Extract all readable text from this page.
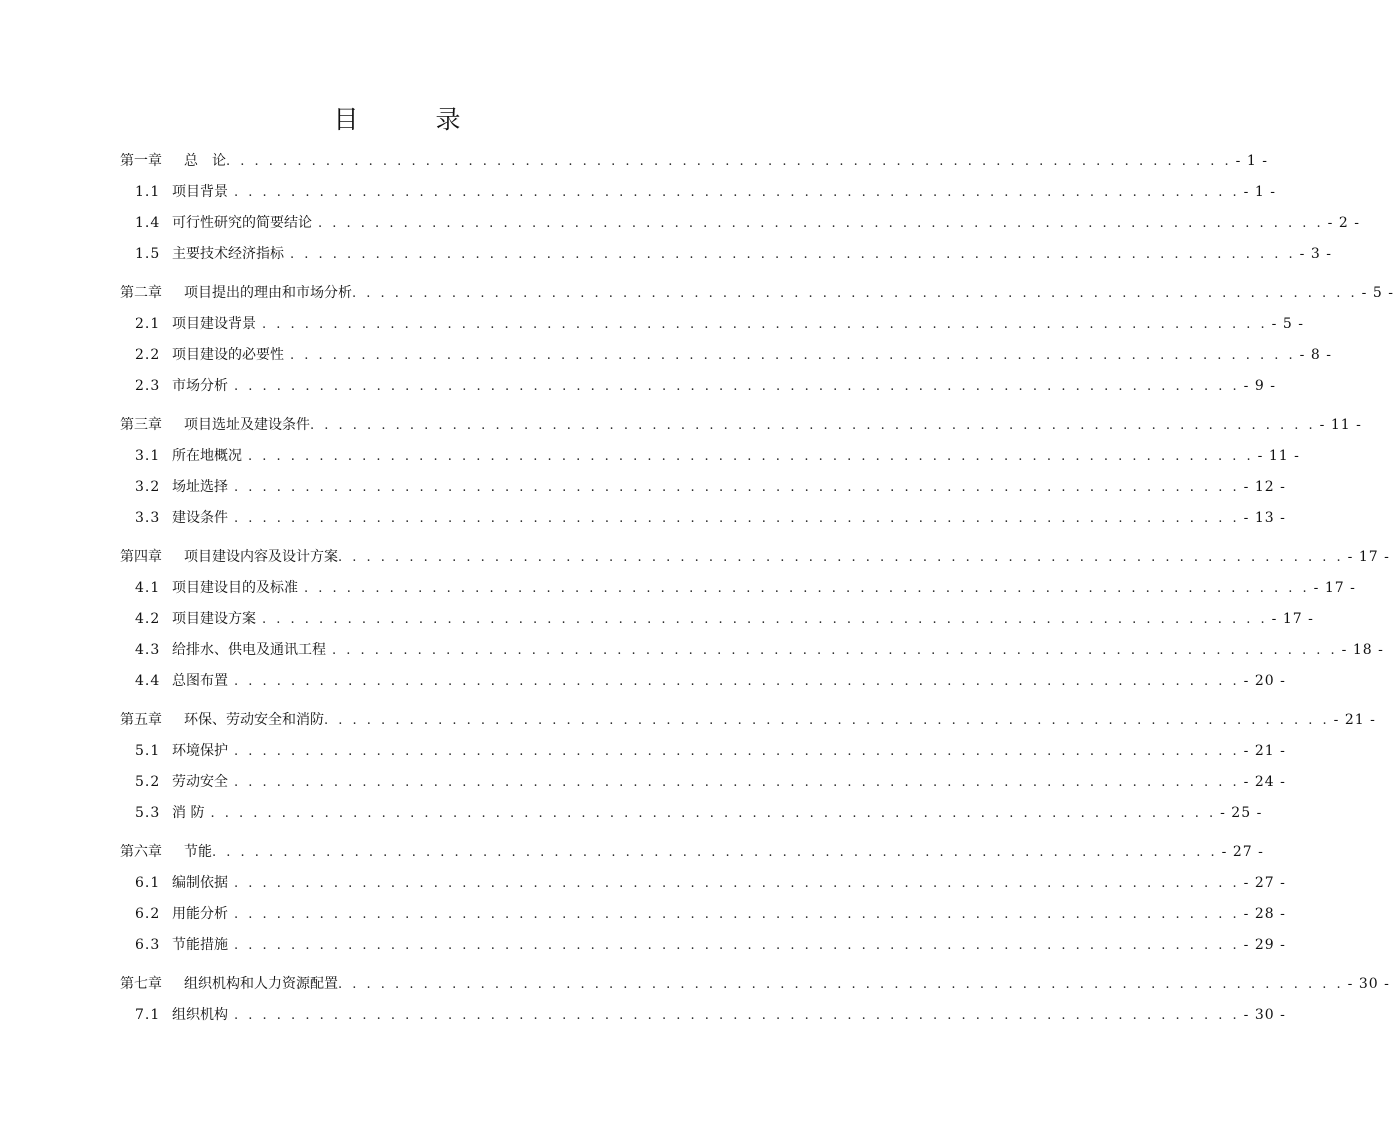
目　录
第一章	总　论 . . . . . . . . . . . . . . . . . . . . . . . . . . . . . . . . . . . . . . . . . . . . . . . . . . . . . . . . . . . . . . . . . . . . . . . - 1 -
1.1 项目背景 . . . . . . . . . . . . . . . . . . . . . . . . . . . . . . . . . . . . . . . . . . . . . . . . . . . . . . . . . . . . . . . . . . . . . . . - 1 -
1.4 可行性研究的简要结论 . . . . . . . . . . . . . . . . . . . . . . . . . . . . . . . . . . . . . . . . . . . . . . . . . . . . . . . . . . . . . . . . . . . . . . . - 2 -
1.5 主要技术经济指标 . . . . . . . . . . . . . . . . . . . . . . . . . . . . . . . . . . . . . . . . . . . . . . . . . . . . . . . . . . . . . . . . . . . . . . . - 3 -
第二章	项目提出的理由和市场分析 . . . . . . . . . . . . . . . . . . . . . . . . . . . . . . . . . . . . . . . . . . . . . . . . . . . . . . . . . . . . . . . . . . . . . . . - 5 -
2.1 项目建设背景 . . . . . . . . . . . . . . . . . . . . . . . . . . . . . . . . . . . . . . . . . . . . . . . . . . . . . . . . . . . . . . . . . . . . . . . - 5 -
2.2 项目建设的必要性 . . . . . . . . . . . . . . . . . . . . . . . . . . . . . . . . . . . . . . . . . . . . . . . . . . . . . . . . . . . . . . . . . . . . . . . - 8 -
2.3 市场分析 . . . . . . . . . . . . . . . . . . . . . . . . . . . . . . . . . . . . . . . . . . . . . . . . . . . . . . . . . . . . . . . . . . . . . . . - 9 -
第三章	项目选址及建设条件 . . . . . . . . . . . . . . . . . . . . . . . . . . . . . . . . . . . . . . . . . . . . . . . . . . . . . . . . . . . . . . . . . . . . . . . - 11 -
3.1 所在地概况 . . . . . . . . . . . . . . . . . . . . . . . . . . . . . . . . . . . . . . . . . . . . . . . . . . . . . . . . . . . . . . . . . . . . . . . - 11 -
3.2 场址选择 . . . . . . . . . . . . . . . . . . . . . . . . . . . . . . . . . . . . . . . . . . . . . . . . . . . . . . . . . . . . . . . . . . . . . . . - 12 -
3.3 建设条件 . . . . . . . . . . . . . . . . . . . . . . . . . . . . . . . . . . . . . . . . . . . . . . . . . . . . . . . . . . . . . . . . . . . . . . . - 13 -
第四章	项目建设内容及设计方案 . . . . . . . . . . . . . . . . . . . . . . . . . . . . . . . . . . . . . . . . . . . . . . . . . . . . . . . . . . . . . . . . . . . . . . . - 17 -
4.1 项目建设目的及标准 . . . . . . . . . . . . . . . . . . . . . . . . . . . . . . . . . . . . . . . . . . . . . . . . . . . . . . . . . . . . . . . . . . . . . . . - 17 -
4.2 项目建设方案 . . . . . . . . . . . . . . . . . . . . . . . . . . . . . . . . . . . . . . . . . . . . . . . . . . . . . . . . . . . . . . . . . . . . . . . - 17 -
4.3 给排水、供电及通讯工程 . . . . . . . . . . . . . . . . . . . . . . . . . . . . . . . . . . . . . . . . . . . . . . . . . . . . . . . . . . . . . . . . . . . . . . . - 18 -
4.4 总图布置 . . . . . . . . . . . . . . . . . . . . . . . . . . . . . . . . . . . . . . . . . . . . . . . . . . . . . . . . . . . . . . . . . . . . . . . - 20 -
第五章	环保、劳动安全和消防 . . . . . . . . . . . . . . . . . . . . . . . . . . . . . . . . . . . . . . . . . . . . . . . . . . . . . . . . . . . . . . . . . . . . . . . - 21 -
5.1 环境保护 . . . . . . . . . . . . . . . . . . . . . . . . . . . . . . . . . . . . . . . . . . . . . . . . . . . . . . . . . . . . . . . . . . . . . . . - 21 -
5.2 劳动安全 . . . . . . . . . . . . . . . . . . . . . . . . . . . . . . . . . . . . . . . . . . . . . . . . . . . . . . . . . . . . . . . . . . . . . . . - 24 -
5.3 消 防 . . . . . . . . . . . . . . . . . . . . . . . . . . . . . . . . . . . . . . . . . . . . . . . . . . . . . . . . . . . . . . . . . . . . . . . - 25 -
第六章	节能 . . . . . . . . . . . . . . . . . . . . . . . . . . . . . . . . . . . . . . . . . . . . . . . . . . . . . . . . . . . . . . . . . . . . . . . - 27 -
6.1 编制依据 . . . . . . . . . . . . . . . . . . . . . . . . . . . . . . . . . . . . . . . . . . . . . . . . . . . . . . . . . . . . . . . . . . . . . . . - 27 -
6.2 用能分析 . . . . . . . . . . . . . . . . . . . . . . . . . . . . . . . . . . . . . . . . . . . . . . . . . . . . . . . . . . . . . . . . . . . . . . . - 28 -
6.3 节能措施 . . . . . . . . . . . . . . . . . . . . . . . . . . . . . . . . . . . . . . . . . . . . . . . . . . . . . . . . . . . . . . . . . . . . . . . - 29 -
第七章	组织机构和人力资源配置 . . . . . . . . . . . . . . . . . . . . . . . . . . . . . . . . . . . . . . . . . . . . . . . . . . . . . . . . . . . . . . . . . . . . . . . - 30 -
7.1 组织机构 . . . . . . . . . . . . . . . . . . . . . . . . . . . . . . . . . . . . . . . . . . . . . . . . . . . . . . . . . . . . . . . . . . . . . . . - 30 -
